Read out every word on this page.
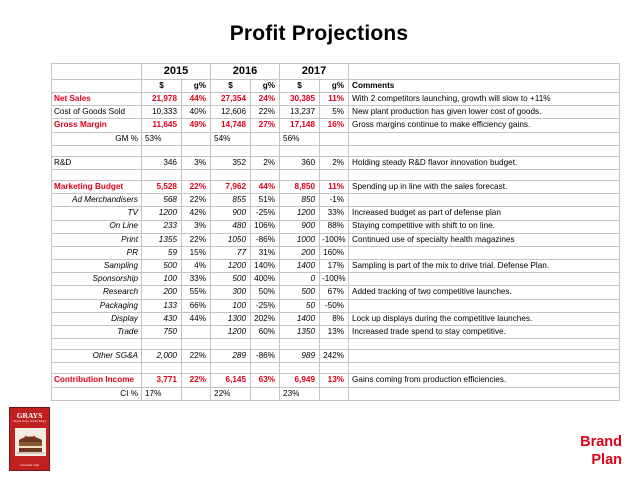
Profit Projections
	2015		2016		2017		
	$	g%	$	g%	$	g%	Comments
Net Sales	21,978	44%	27,354	24%	30,385	11%	With 2 competitors launching, growth will slow to +11%
Cost of Goods Sold	10,333	40%	12,606	22%	13,237	5%	New plant production has given lower cost of goods.
Gross Margin	11,645	49%	14,748	27%	17,148	16%	Gross margins continue to make efficiency gains.
GM %	53%		54%		56%		

R&D	346	3%	352	2%	360	2%	Holding steady R&D flavor innovation budget.

Marketing Budget	5,528	22%	7,962	44%	8,850	11%	Spending up in line with the sales forecast.
Ad Merchandisers	568	22%	855	51%	850	-1%	
TV	1200	42%	900	-25%	1200	33%	Increased budget as part of defense plan
On Line	233	3%	480	106%	900	88%	Staying competitive with shift to on line.
Print	1355	22%	1050	-86%	1000	-100%	Continued use of specialty health magazines
PR	59	15%	77	31%	200	160%	
Sampling	500	4%	1200	140%	1400	17%	Sampling is part of the mix to drive trial. Defense Plan.
Sponsorship	100	33%	500	400%	0	-100%	
Research	200	55%	300	50%	500	67%	Added tracking of two competitive launches.
Packaging	133	66%	100	-25%	50	-50%	
Display	430	44%	1300	202%	1400	8%	Lock up displays during the competitive launches.
Trade	750		1200	60%	1350	13%	Increased trade spend to stay competitive.

Other SG&A	2,000	22%	289	-86%	989	242%	

Contribution Income	3,771	22%	6,145	63%	6,949	13%	Gains coming from production efficiencies.
CI %	17%		22%		23%		
GRAYS
Original Recipe Healthy Baking
Chocolate Cake
Brand
Plan
